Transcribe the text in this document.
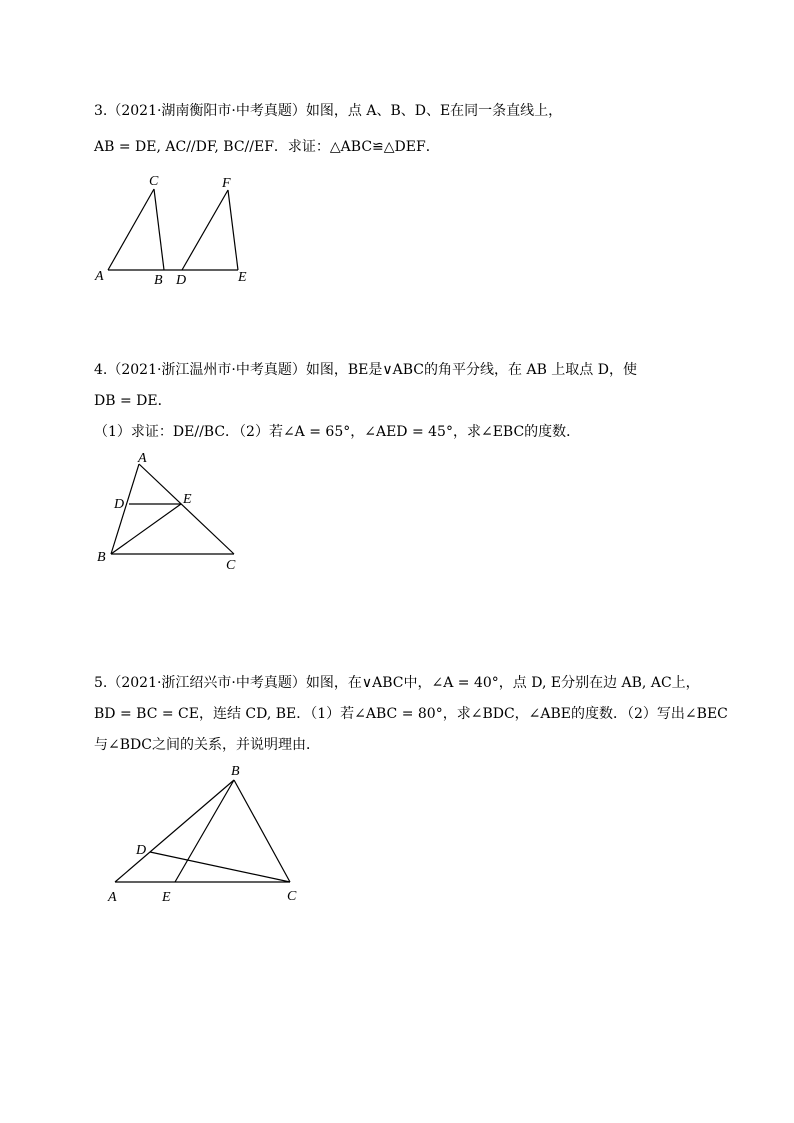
3.（2021·湖南衡阳市·中考真题）如图，点 A、B、D、E在同一条直线上，
AB = DE, AC//DF, BC//EF．求证：△ABC≌△DEF．
A	B
C
D	E
F
4.（2021·浙江温州市·中考真题）如图，BE是∨ABC的角平分线，在 AB 上取点 D，使
DB = DE．
（1）求证：DE//BC．（2）若∠A = 65°，∠AED = 45°，求∠EBC的度数．
A
B
C
D	E
5.（2021·浙江绍兴市·中考真题）如图，在∨ABC中，∠A = 40°，点 D, E分别在边 AB, AC上，
BD = BC = CE，连结 CD, BE．（1）若∠ABC = 80°，求∠BDC，∠ABE的度数．（2）写出∠BEC
与∠BDC之间的关系，并说明理由．
A
B
C
D
E
